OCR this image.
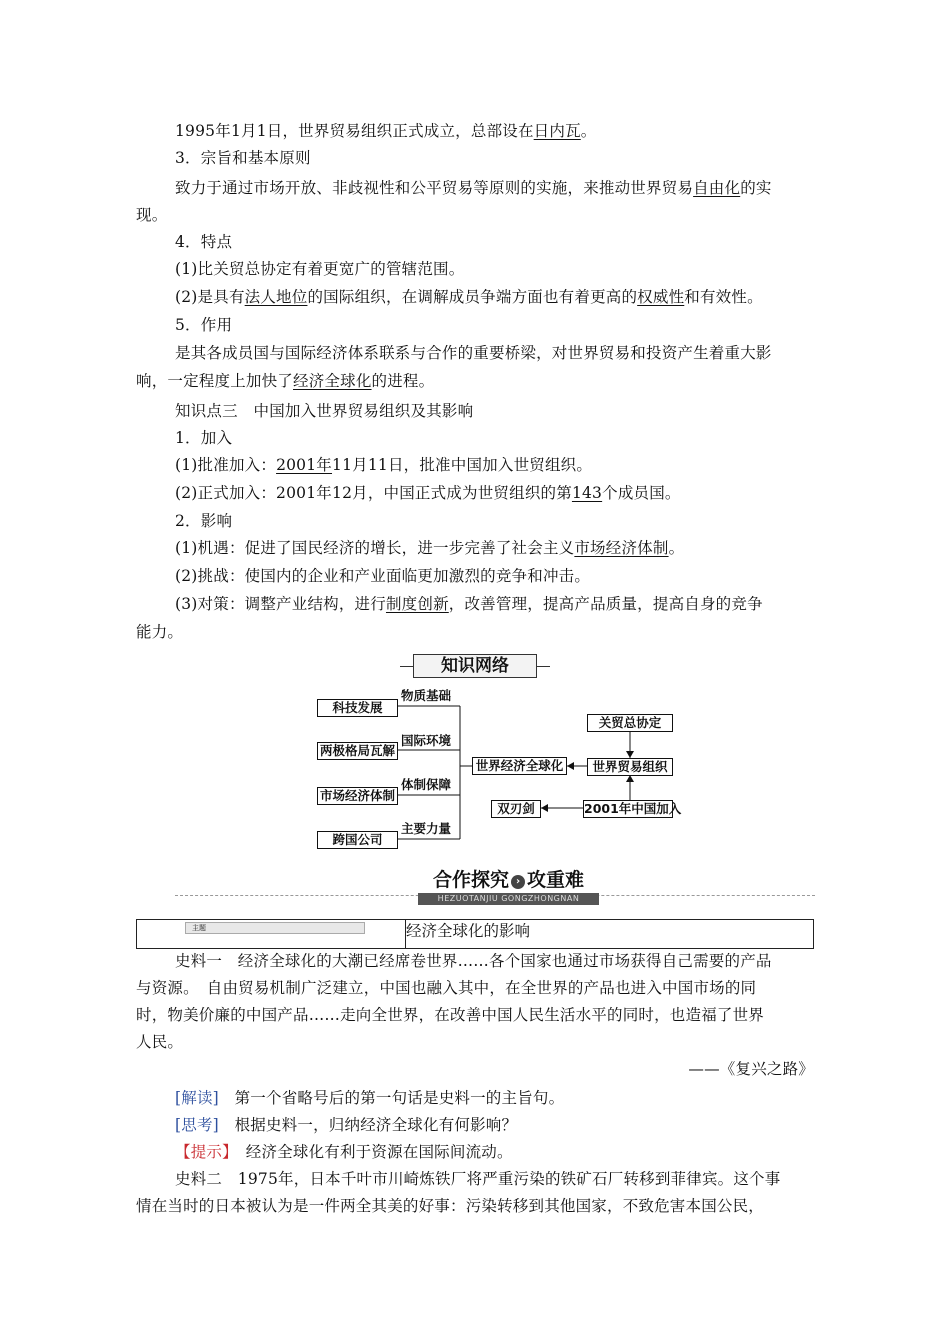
1995年1月1日，世界贸易组织正式成立，总部设在日内瓦。
3．宗旨和基本原则
致力于通过市场开放、非歧视性和公平贸易等原则的实施，来推动世界贸易自由化的实
现。
4．特点
(1)比关贸总协定有着更宽广的管辖范围。
(2)是具有法人地位的国际组织，在调解成员争端方面也有着更高的权威性和有效性。
5．作用
是其各成员国与国际经济体系联系与合作的重要桥梁，对世界贸易和投资产生着重大影
响，一定程度上加快了经济全球化的进程。
知识点三　中国加入世界贸易组织及其影响
1．加入
(1)批准加入：2001年11月11日，批准中国加入世贸组织。
(2)正式加入：2001年12月，中国正式成为世贸组织的第143个成员国。
2．影响
(1)机遇：促进了国民经济的增长，进一步完善了社会主义市场经济体制。
(2)挑战：使国内的企业和产业面临更加激烈的竞争和冲击。
(3)对策：调整产业结构，进行制度创新，改善管理，提高产品质量，提高自身的竞争
能力。
知识网络
科技发展
两极格局瓦解
市场经济体制
跨国公司
世界经济全球化
关贸总协定
世界贸易组织
双刃剑	2001年中国加入
物质基础
国际环境
体制保障
主要力量
合作探究 › 攻重难
HEZUOTANJIU GONGZHONGNAN
主题	经济全球化的影响
史料一　经济全球化的大潮已经席卷世界……各个国家也通过市场获得自己需要的产品
与资源。　自由贸易机制广泛建立，中国也融入其中，在全世界的产品也进入中国市场的同
时，物美价廉的中国产品……走向全世界，在改善中国人民生活水平的同时，也造福了世界
人民。
——《复兴之路》
[解读]　第一个省略号后的第一句话是史料一的主旨句。
[思考]　根据史料一，归纳经济全球化有何影响？
【提示】　经济全球化有利于资源在国际间流动。
史料二　1975年，日本千叶市川崎炼铁厂将严重污染的铁矿石厂转移到菲律宾。这个事
情在当时的日本被认为是一件两全其美的好事：污染转移到其他国家，不致危害本国公民，
